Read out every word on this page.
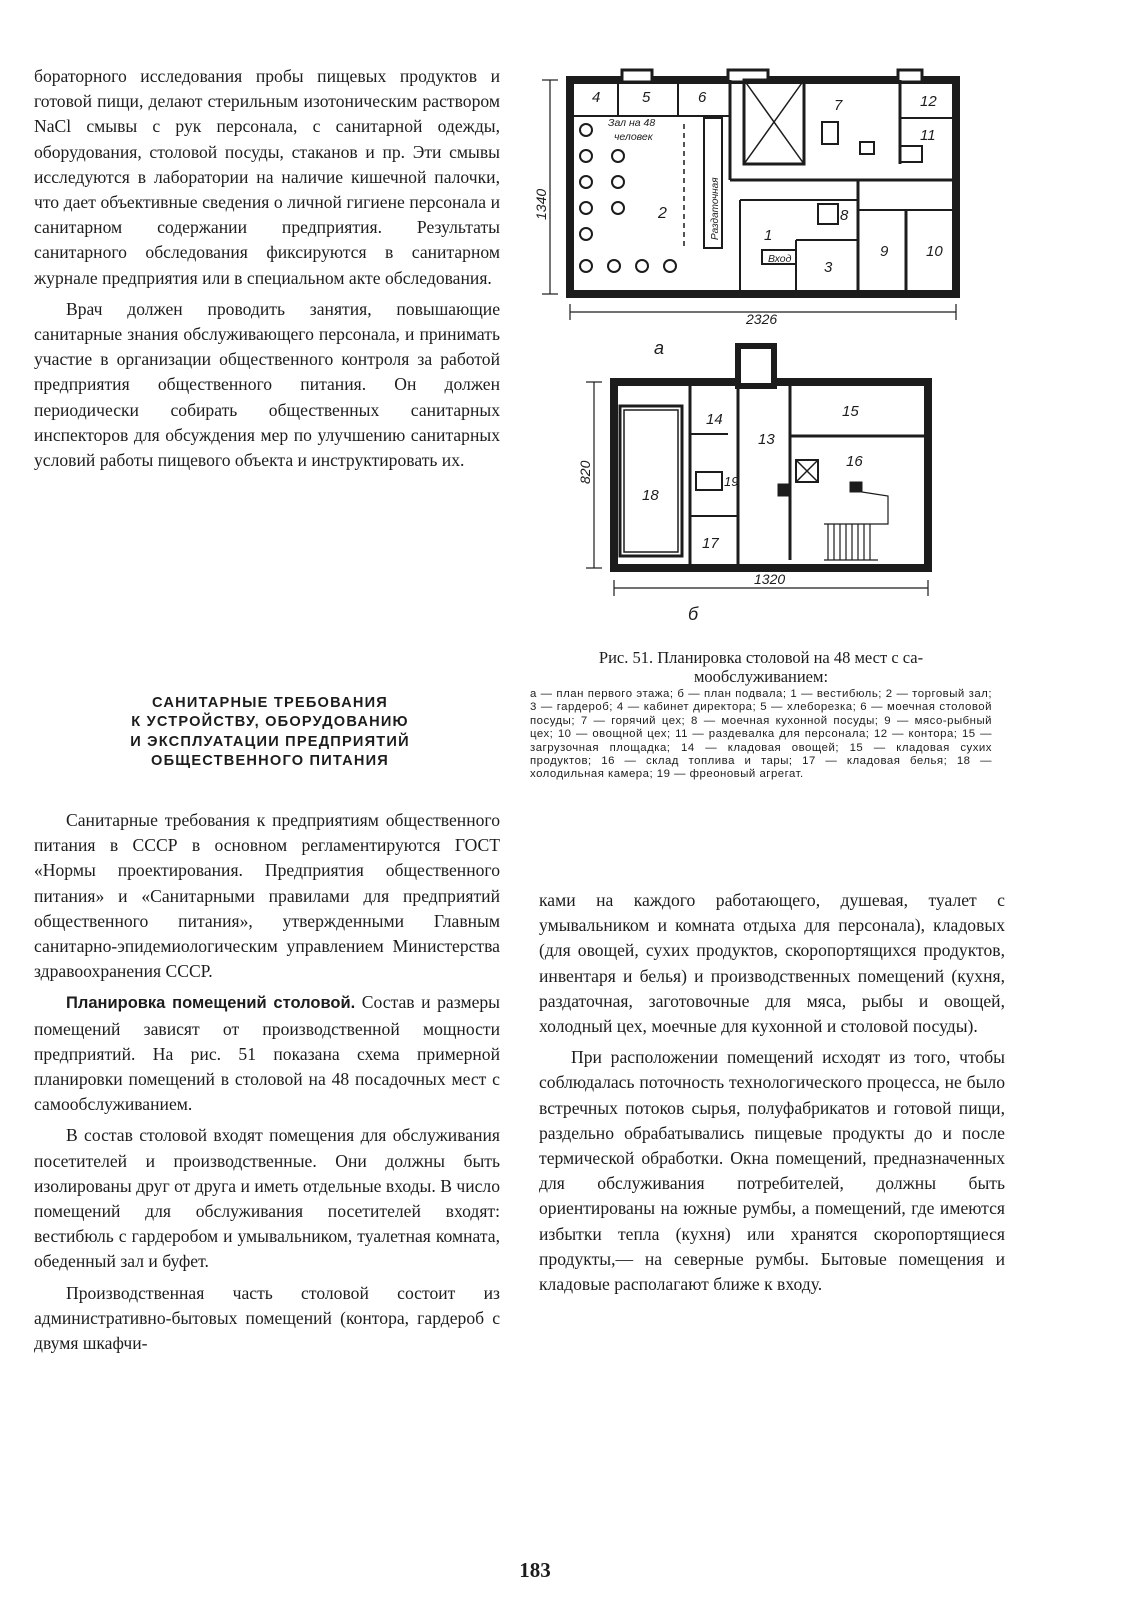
бораторного исследования пробы пищевых продуктов и готовой пищи, делают стерильным изотоническим раствором NaCl смывы с рук персонала, с санитарной одежды, оборудования, столовой посуды, стаканов и пр. Эти смывы исследуются в лаборатории на наличие кишечной палочки, что дает объективные сведения о личной гигиене персонала и санитарном содержании предприятия. Результаты санитарного обследования фиксируются в санитарном журнале предприятия или в специальном акте обследования.

Врач должен проводить занятия, повышающие санитарные знания обслуживающего персонала, и принимать участие в организации общественного контроля за работой предприятия общественного питания. Он должен периодически собирать общественных санитарных инспекторов для обсуждения мер по улучшению санитарных условий работы пищевого объекта и инструктировать их.

САНИТАРНЫЕ ТРЕБОВАНИЯ
К УСТРОЙСТВУ, ОБОРУДОВАНИЮ
И ЭКСПЛУАТАЦИИ ПРЕДПРИЯТИЙ
ОБЩЕСТВЕННОГО ПИТАНИЯ

Санитарные требования к предприятиям общественного питания в СССР в основном регламентируются ГОСТ «Нормы проектирования. Предприятия общественного питания» и «Санитарными правилами для предприятий общественного питания», утвержденными Главным санитарно-эпидемиологическим управлением Министерства здравоохранения СССР.

Планировка помещений столовой. Состав и размеры помещений зависят от производственной мощности предприятий. На рис. 51 показана схема примерной планировки помещений в столовой на 48 посадочных мест с самообслуживанием.

В состав столовой входят помещения для обслуживания посетителей и производственные. Они должны быть изолированы друг от друга и иметь отдельные входы. В число помещений для обслуживания посетителей входят: вестибюль с гардеробом и умывальником, туалетная комната, обеденный зал и буфет.

Производственная часть столовой состоит из административно-бытовых помещений (контора, гардероб с двумя шкафчи-

ками на каждого работающего, душевая, туалет с умывальником и комната отдыха для персонала), кладовых (для овощей, сухих продуктов, скоропортящихся продуктов, инвентаря и белья) и производственных помещений (кухня, раздаточная, заготовочные для мяса, рыбы и овощей, холодный цех, моечные для кухонной и столовой посуды).

При расположении помещений исходят из того, чтобы соблюдалась поточность технологического процесса, не было встречных потоков сырья, полуфабрикатов и готовой пищи, раздельно обрабатывались пищевые продукты до и после термической обработки. Окна помещений, предназначенных для обслуживания потребителей, должны быть ориентированы на южные румбы, а помещений, где имеются избытки тепла (кухня) или хранятся скоропортящиеся продукты,— на северные румбы. Бытовые помещения и кладовые располагают ближе к входу.

4	5	6	7	12
11
2
1
3
8
9	10
Зал на 48
человек
Раздаточная
Вход
2326
1340
а
14
13
15
16
17
18
19
1320
820
б
Рис. 51. Планировка столовой на 48 мест с са-
мообслуживанием:
а — план первого этажа; б — план подвала; 1 — вестибюль; 2 — торговый зал; 3 — гардероб; 4 — кабинет директора; 5 — хлеборезка; 6 — моечная столовой посуды; 7 — горячий цех; 8 — моечная кухонной посуды; 9 — мясо-рыбный цех; 10 — овощной цех; 11 — раздевалка для персонала; 12 — контора; 15 — загрузочная площадка; 14 — кладовая овощей; 15 — кладовая сухих продуктов; 16 — склад топлива и тары; 17 — кладовая белья; 18 — холодильная камера; 19 — фреоновый агрегат.
183
